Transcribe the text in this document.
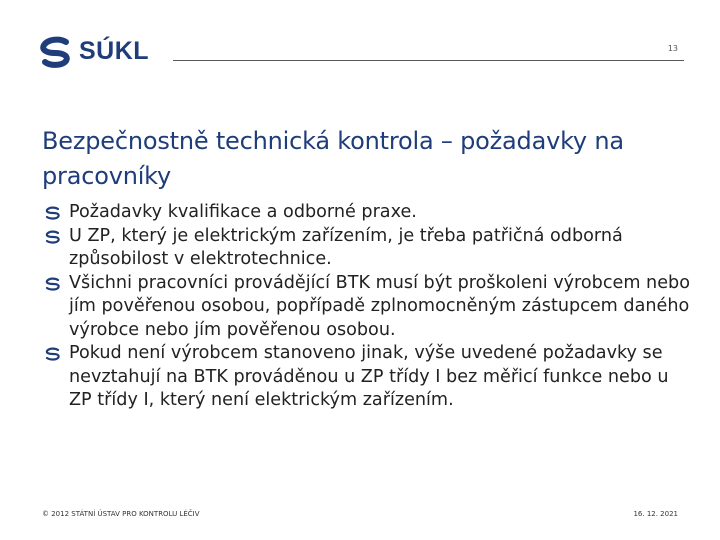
SÚKL	13
Bezpečnostně technická kontrola – požadavky na pracovníky
Požadavky kvalifikace a odborné praxe.
U ZP, který je elektrickým zařízením, je třeba patřičná odborná způsobilost v elektrotechnice.
Všichni pracovníci provádějící BTK musí být proškoleni výrobcem nebo jím pověřenou osobou, popřípadě zplnomocněným zástupcem daného výrobce nebo jím pověřenou osobou.
Pokud není výrobcem stanoveno jinak, výše uvedené požadavky se nevztahují na BTK prováděnou u ZP třídy I bez měřicí funkce nebo u ZP třídy I, který není elektrickým zařízením.
© 2012 STÁTNÍ ÚSTAV PRO KONTROLU LÉČIV	16. 12. 2021
